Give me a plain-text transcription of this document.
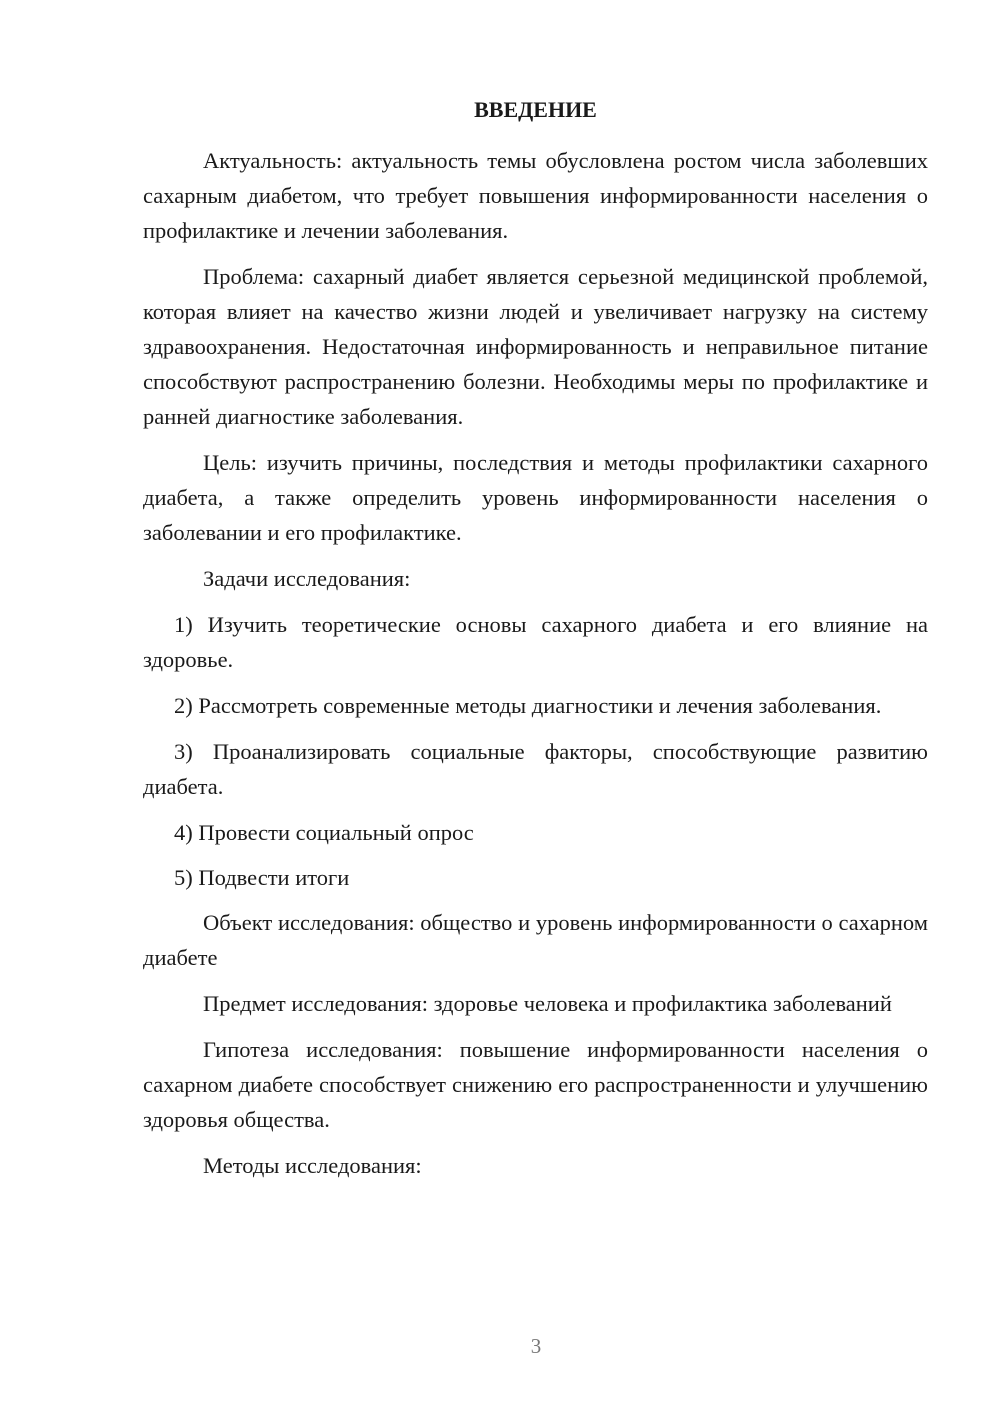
ВВЕДЕНИЕ

Актуальность: актуальность темы обусловлена ростом числа заболевших сахарным диабетом, что требует повышения информированности населения о профилактике и лечении заболевания.

Проблема: сахарный диабет является серьезной медицинской проблемой, которая влияет на качество жизни людей и увеличивает нагрузку на систему здравоохранения. Недостаточная информированность и неправильное питание способствуют распространению болезни. Необходимы меры по профилактике и ранней диагностике заболевания.

Цель: изучить причины, последствия и методы профилактики сахарного диабета, а также определить уровень информированности населения о заболевании и его профилактике.

Задачи исследования:

1) Изучить теоретические основы сахарного диабета и его влияние на здоровье.

2) Рассмотреть современные методы диагностики и лечения заболевания.

3) Проанализировать социальные факторы, способствующие развитию диабета.

4) Провести социальный опрос

5) Подвести итоги

Объект исследования: общество и уровень информированности о сахарном диабете

Предмет исследования: здоровье человека и профилактика заболеваний

Гипотеза исследования: повышение информированности населения о сахарном диабете способствует снижению его распространенности и улучшению здоровья общества.

Методы исследования:

3
